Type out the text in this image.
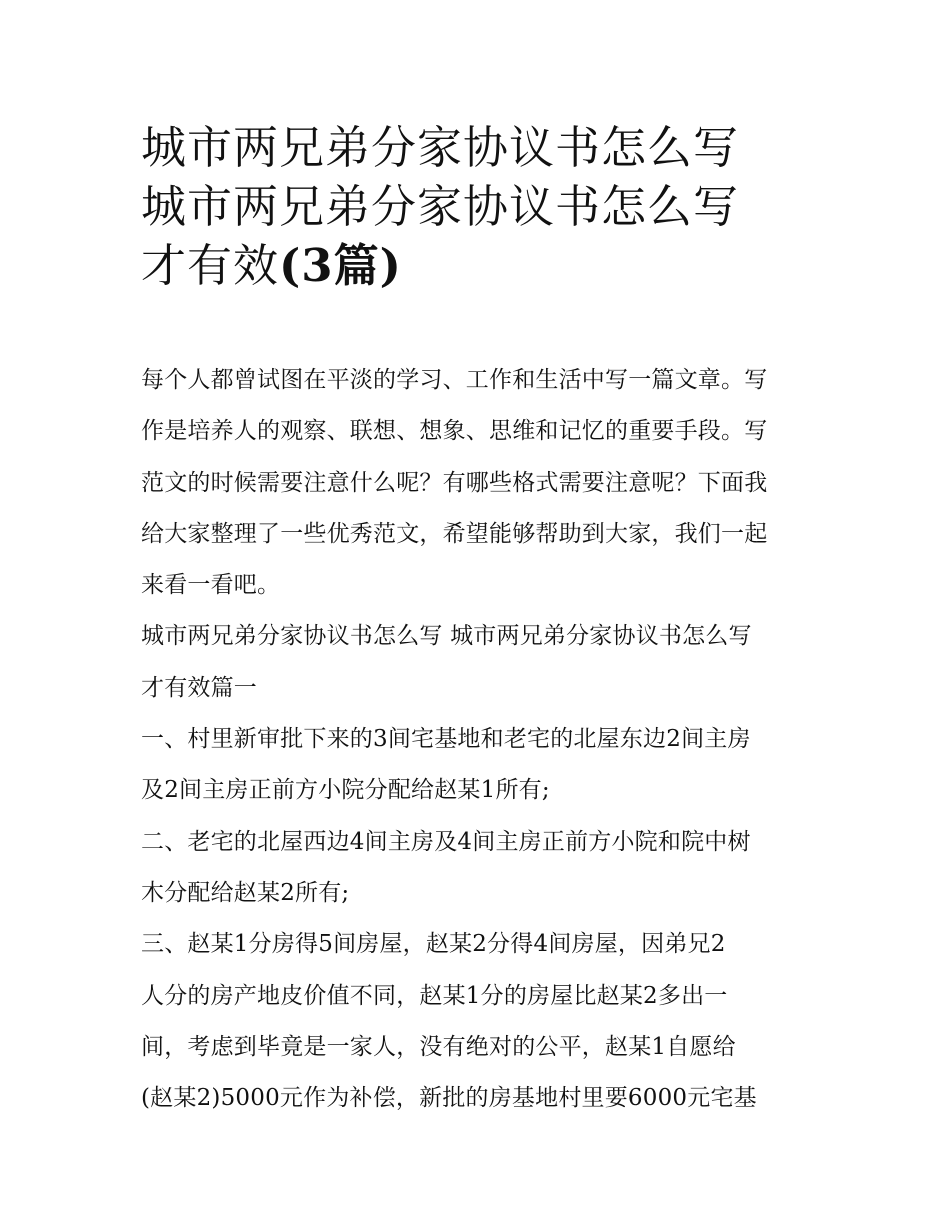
城市两兄弟分家协议书怎么写
城市两兄弟分家协议书怎么写
才有效(3篇)
每个人都曾试图在平淡的学习、工作和生活中写一篇文章。写
作是培养人的观察、联想、想象、思维和记忆的重要手段。写
范文的时候需要注意什么呢？有哪些格式需要注意呢？下面我
给大家整理了一些优秀范文，希望能够帮助到大家，我们一起
来看一看吧。
城市两兄弟分家协议书怎么写 城市两兄弟分家协议书怎么写
才有效篇一
一、村里新审批下来的3间宅基地和老宅的北屋东边2间主房
及2间主房正前方小院分配给赵某1所有;
二、老宅的北屋西边4间主房及4间主房正前方小院和院中树
木分配给赵某2所有;
三、赵某1分房得5间房屋，赵某2分得4间房屋，因弟兄2
人分的房产地皮价值不同，赵某1分的房屋比赵某2多出一
间，考虑到毕竟是一家人，没有绝对的公平，赵某1自愿给
(赵某2)5000元作为补偿，新批的房基地村里要6000元宅基
